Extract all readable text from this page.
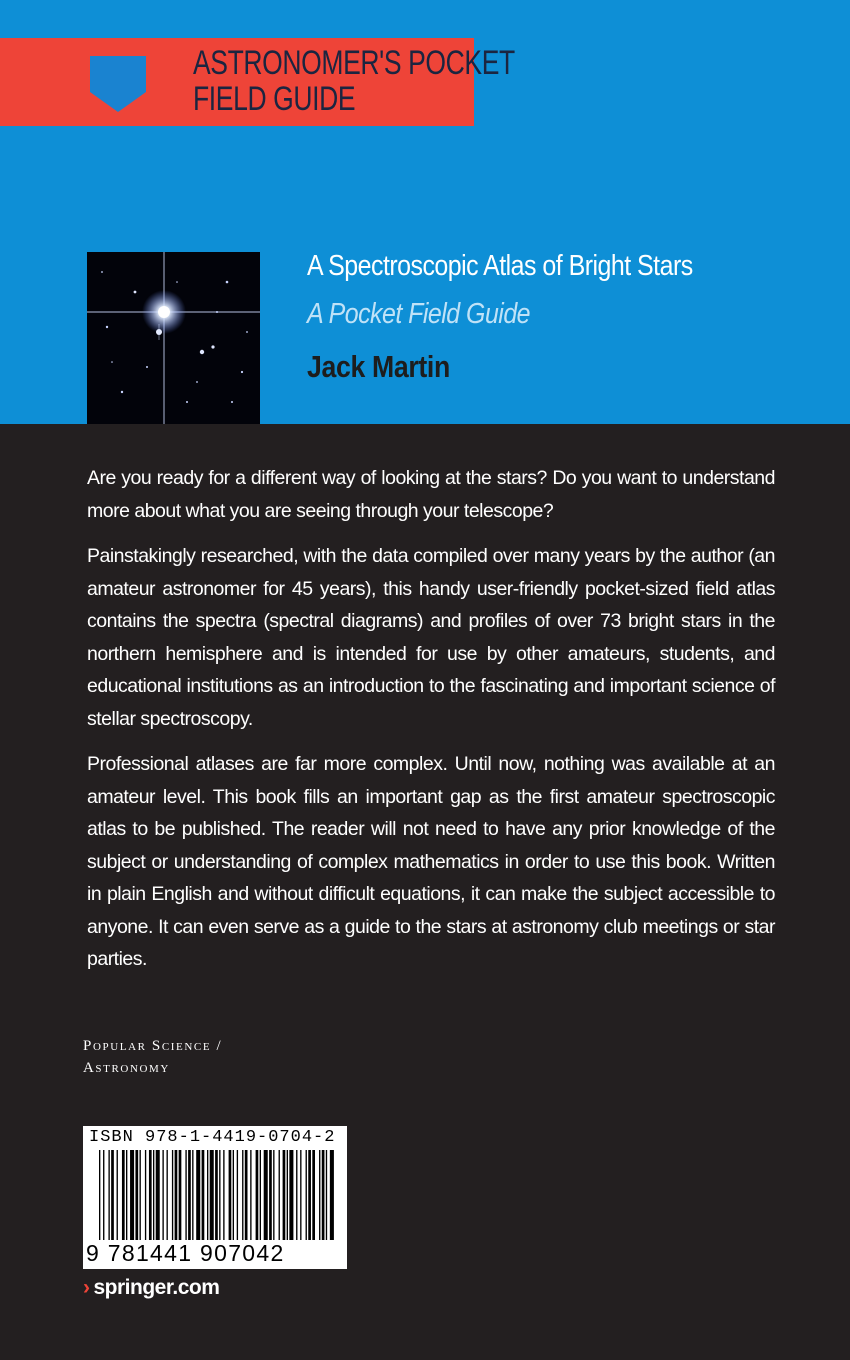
ASTRONOMER'S POCKET
FIELD GUIDE
A Spectroscopic Atlas of Bright Stars
A Pocket Field Guide
Jack Martin

Are you ready for a different way of looking at the stars? Do you want to understand more about what you are seeing through your telescope?

Painstakingly researched, with the data compiled over many years by the author (an amateur astronomer for 45 years), this handy user-friendly pocket-sized field atlas contains the spectra (spectral diagrams) and profiles of over 73 bright stars in the northern hemisphere and is intended for use by other amateurs, students, and educational institutions as an introduction to the fascinating and important science of stellar spectroscopy.

Professional atlases are far more complex. Until now, nothing was available at an amateur level. This book fills an important gap as the first amateur spectroscopic atlas to be published. The reader will not need to have any prior knowledge of the subject or understanding of complex mathematics in order to use this book. Written in plain English and without difficult equations, it can make the subject accessible to anyone. It can even serve as a guide to the stars at astronomy club meetings or star parties.

Popular Science /
Astronomy
ISBN 978-1-4419-0704-2
9 781441 907042
› springer.com
